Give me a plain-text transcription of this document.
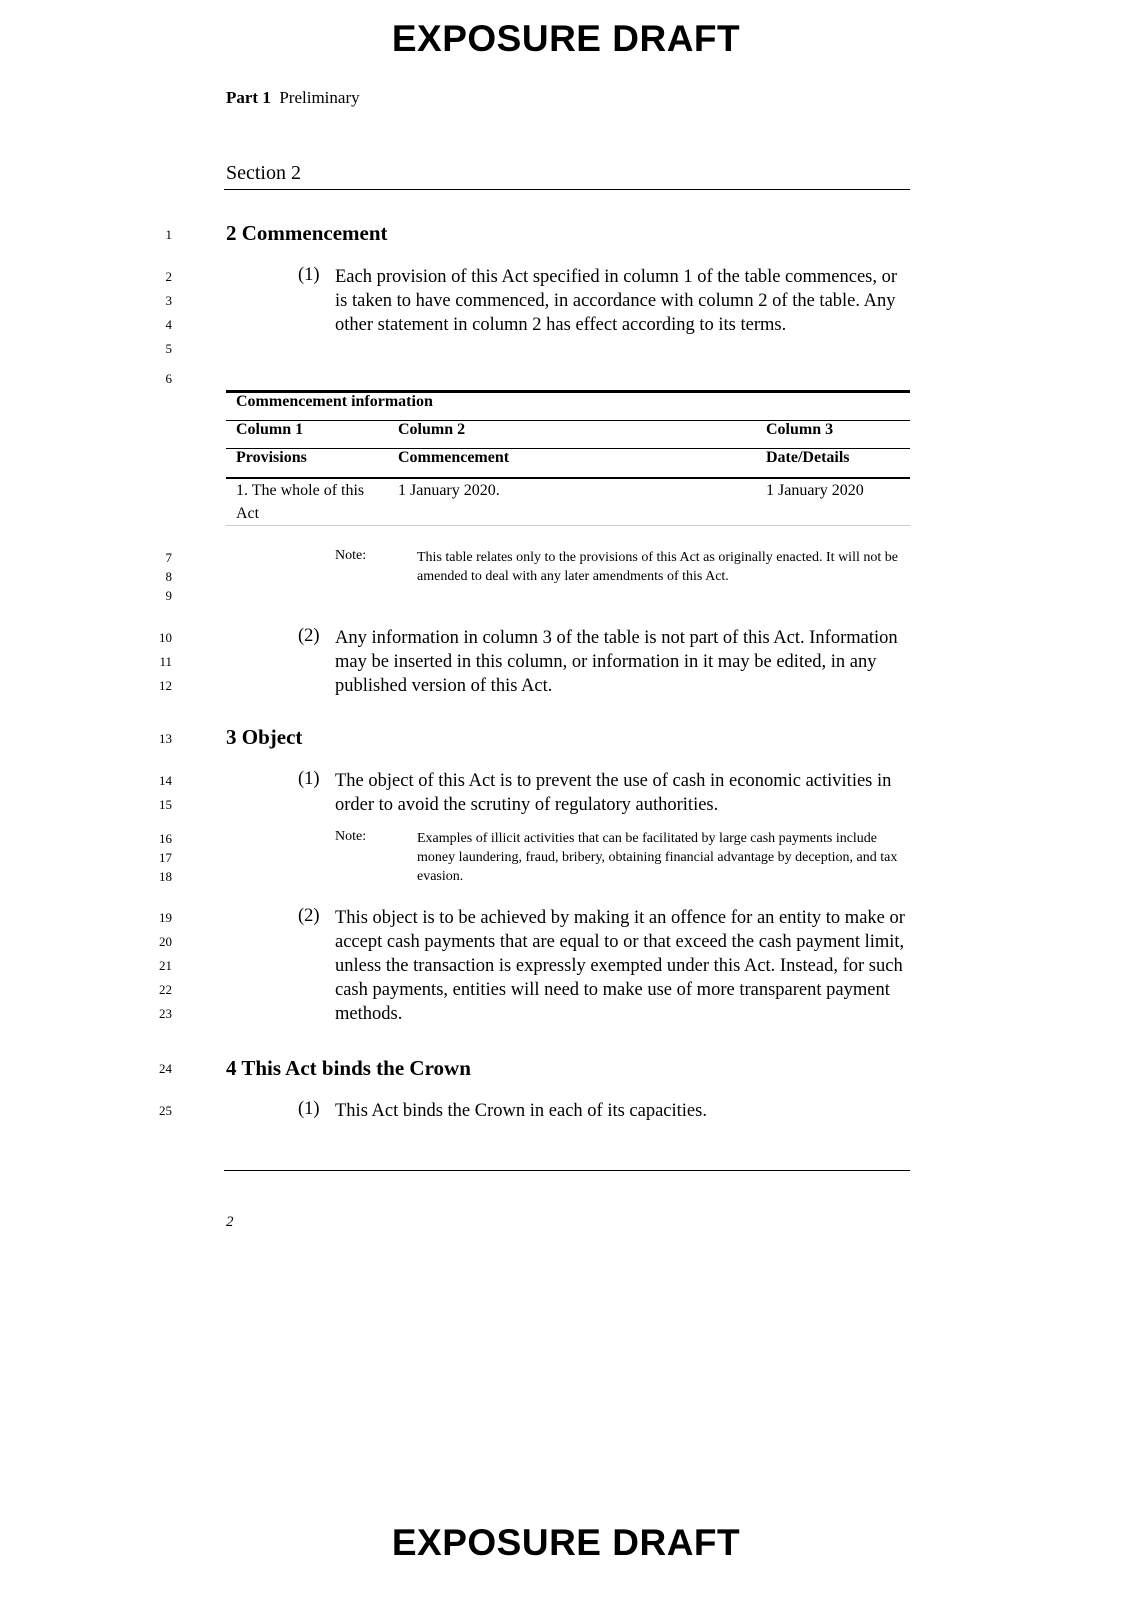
EXPOSURE DRAFT
Part 1 Preliminary
Section 2
1
2
3
4
5
6
7
8
9
10
11
12
13
14
15
16
17
18
19
20
21
22
23
24
25
2 Commencement
(1) Each provision of this Act specified in column 1 of the table commences, or is taken to have commenced, in accordance with column 2 of the table. Any other statement in column 2 has effect according to its terms.
Commencement information		
Column 1	Column 2	Column 3
Provisions	Commencement	Date/Details
1. The whole of this Act	1 January 2020.	1 January 2020
Note:	This table relates only to the provisions of this Act as originally enacted. It will not be amended to deal with any later amendments of this Act.
(2) Any information in column 3 of the table is not part of this Act. Information may be inserted in this column, or information in it may be edited, in any published version of this Act.
3 Object
(1) The object of this Act is to prevent the use of cash in economic activities in order to avoid the scrutiny of regulatory authorities.
Note:	Examples of illicit activities that can be facilitated by large cash payments include money laundering, fraud, bribery, obtaining financial advantage by deception, and tax evasion.
(2) This object is to be achieved by making it an offence for an entity to make or accept cash payments that are equal to or that exceed the cash payment limit, unless the transaction is expressly exempted under this Act. Instead, for such cash payments, entities will need to make use of more transparent payment methods.
4 This Act binds the Crown
(1) This Act binds the Crown in each of its capacities.
2
EXPOSURE DRAFT
